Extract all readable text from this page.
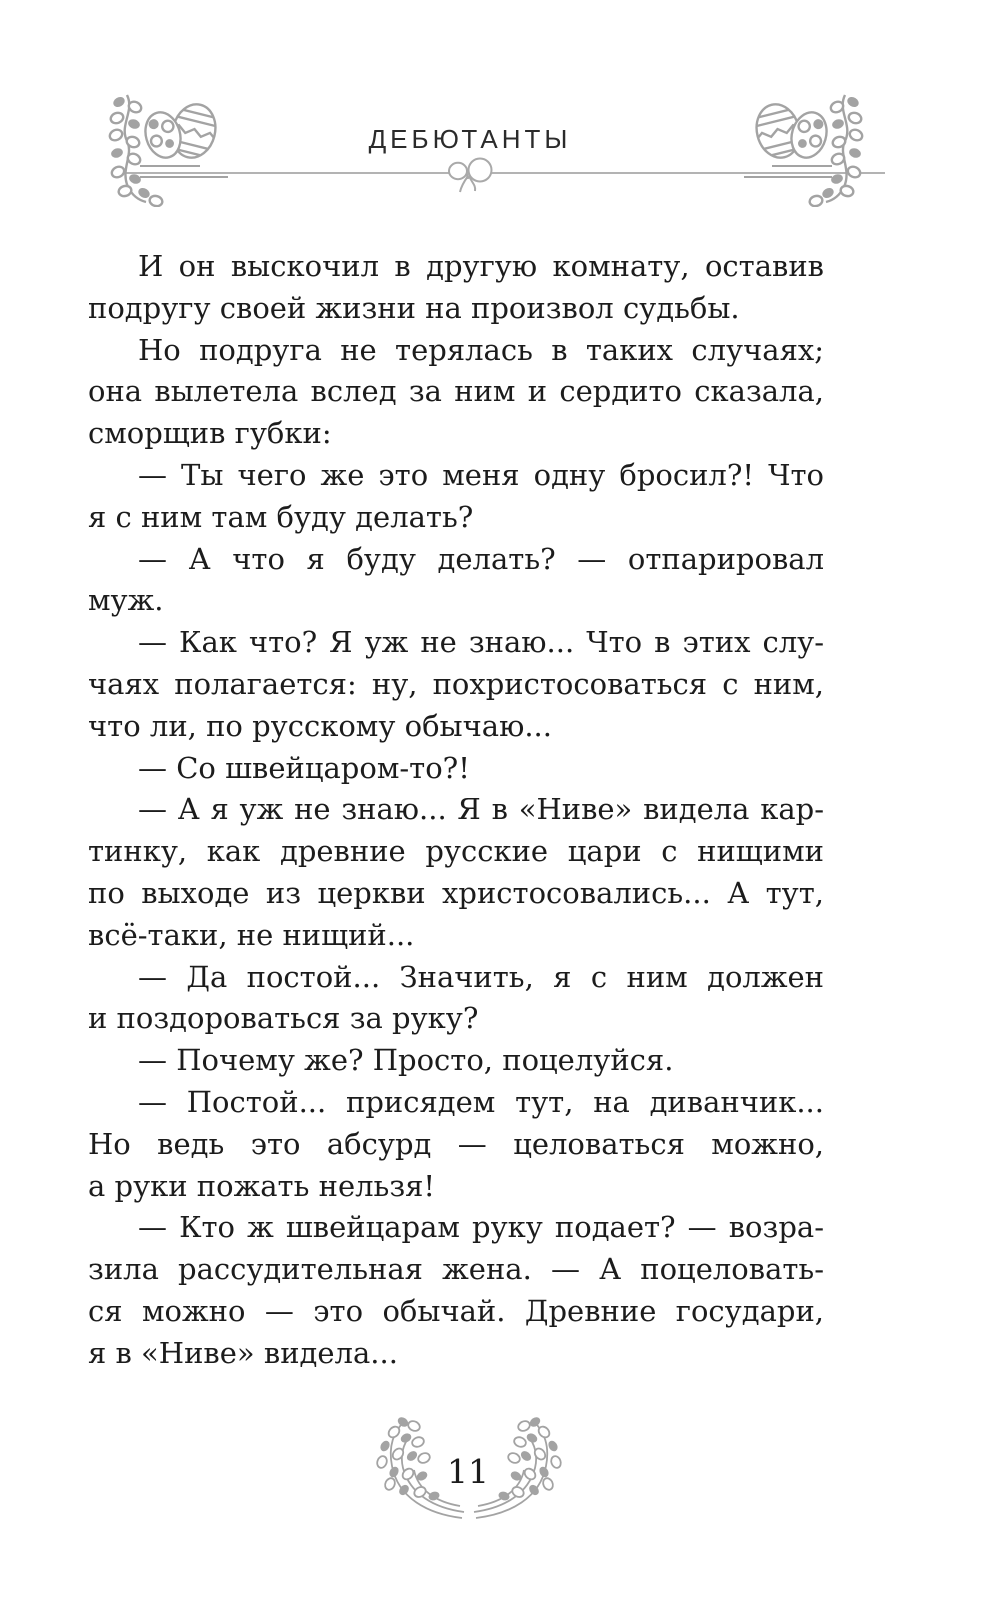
ДЕБЮТАНТЫ
И он выскочил в другую комнату, оставив
подругу своей жизни на произвол судьбы.
Но подруга не терялась в таких случаях;
она вылетела вслед за ним и сердито сказала,
сморщив губки:
— Ты чего же это меня одну бросил?! Что
я с ним там буду делать?
— А что я буду делать? — отпарировал
муж.
— Как что? Я уж не знаю... Что в этих слу-
чаях полагается: ну, похристосоваться с ним,
что ли, по русскому обычаю...
— Со швейцаром-то?!
— А я уж не знаю... Я в «Ниве» видела кар-
тинку, как древние русские цари с нищими
по выходе из церкви христосовались... А тут,
всё-таки, не нищий...
— Да постой... Значить, я с ним должен
и поздороваться за руку?
— Почему же? Просто, поцелуйся.
— Постой... присядем тут, на диванчик...
Но ведь это абсурд — целоваться можно,
а руки пожать нельзя!
— Кто ж швейцарам руку подает? — возра-
зила рассудительная жена. — А поцеловать-
ся можно — это обычай. Древние государи,
я в «Ниве» видела...
11
